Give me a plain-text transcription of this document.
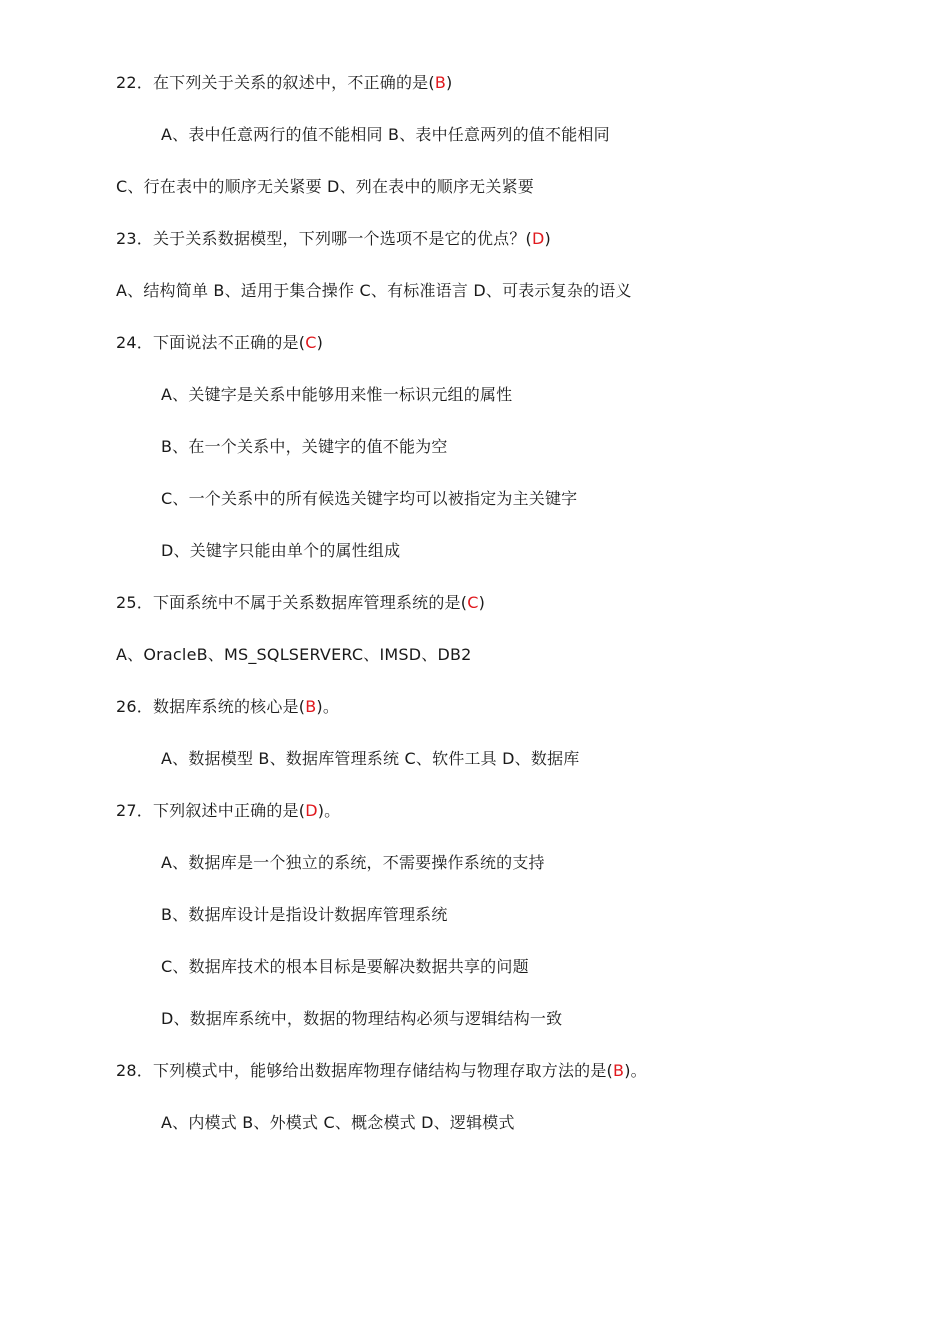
22．在下列关于关系的叙述中，不正确的是(B)
A、表中任意两行的值不能相同 B、表中任意两列的值不能相同
C、行在表中的顺序无关紧要 D、列在表中的顺序无关紧要
23．关于关系数据模型，下列哪一个选项不是它的优点？(D)
A、结构简单 B、适用于集合操作 C、有标准语言 D、可表示复杂的语义
24．下面说法不正确的是(C)
A、关键字是关系中能够用来惟一标识元组的属性
B、在一个关系中，关键字的值不能为空
C、一个关系中的所有候选关键字均可以被指定为主关键字
D、关键字只能由单个的属性组成
25．下面系统中不属于关系数据库管理系统的是(C)
A、OracleB、MS_SQLSERVERC、IMSD、DB2
26．数据库系统的核心是(B)。
A、数据模型 B、数据库管理系统 C、软件工具 D、数据库
27．下列叙述中正确的是(D)。
A、数据库是一个独立的系统，不需要操作系统的支持
B、数据库设计是指设计数据库管理系统
C、数据库技术的根本目标是要解决数据共享的问题
D、数据库系统中，数据的物理结构必须与逻辑结构一致
28．下列模式中，能够给出数据库物理存储结构与物理存取方法的是(B)。
A、内模式 B、外模式 C、概念模式 D、逻辑模式
